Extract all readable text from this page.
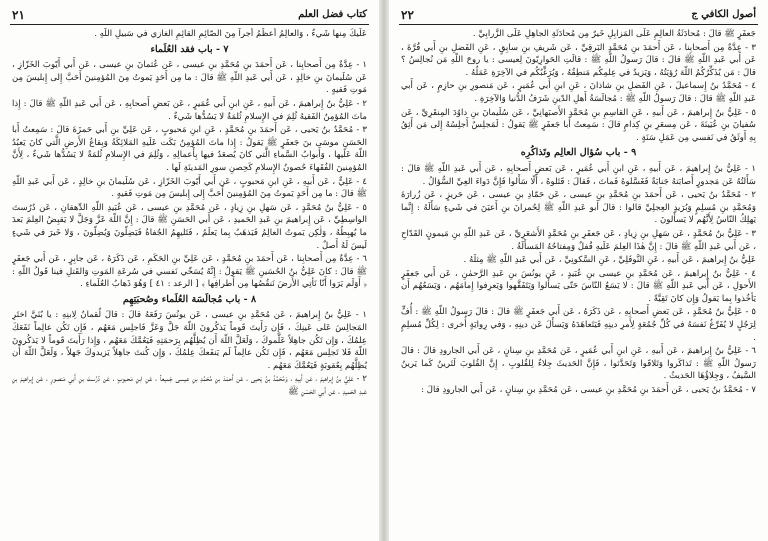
كتاب فضل العلم
٢١

عَلَيكَ مِنها شَيءٌ ، وَالعالِمُ أَعظَمُ أَجراً مِنَ الصّائِمِ القائِمِ الغازي في سَبيلِ اللّهِ .

٧ - باب فقد العُلَماء

١ - عِدَّةٌ مِن أَصحابِنا ، عَن أَحمَدَ بنِ مُحَمَّدِ بنِ عيسى ، عَن عُثمانَ بنِ عيسى ، عَن أَبي أَيّوبَ الخَزّازِ ، عَن سُلَيمانَ بنِ خالِدٍ ، عَن أَبي عَبدِ اللّهِ ﷺ قالَ : ما مِن أَحَدٍ يَموتُ مِنَ المُؤمِنينَ أَحَبَّ إِلى إِبليسَ مِن مَوتِ فَقيهٍ .

٢ - عَلِيُّ بنُ إِبراهيمَ ، عَن أَبيهِ ، عَنِ ابنِ أَبي عُمَيرٍ ، عَن بَعضِ أَصحابِهِ ، عَن أَبي عَبدِ اللّهِ ﷺ قالَ : إِذا ماتَ المُؤمِنُ الفَقيهُ ثُلِمَ في الإِسلامِ ثُلمَةٌ لا يَسُدُّها شَيءٌ .

٣ - مُحَمَّدُ بنُ يَحيى ، عَن أَحمَدَ بنِ مُحَمَّدٍ ، عَنِ ابنِ مَحبوبٍ ، عَن عَلِيِّ بنِ أَبي حَمزَةَ قالَ : سَمِعتُ أَبا الحَسَنِ موسَى بنَ جَعفَرٍ ﷺ يَقولُ : إِذا ماتَ المُؤمِنُ بَكَت عَلَيهِ المَلائِكَةُ وَبِقاعُ الأَرضِ الَّتي كانَ يَعبُدُ اللّهَ عَلَيها ، وَأَبوابُ السَّماءِ الَّتي كانَ يُصعَدُ فيها بِأَعمالِهِ ، وَثُلِمَ في الإِسلامِ ثُلمَةٌ لا يَسُدُّها شَيءٌ ، لِأَنَّ المُؤمِنينَ الفُقَهاءَ حُصونُ الإِسلامِ كَحِصنِ سورِ المَدينَةِ لَها .

٤ - عَلِيٌّ ، عَن أَبيهِ ، عَنِ ابنِ مَحبوبٍ ، عَن أَبي أَيّوبَ الخَزّازِ ، عَن سُلَيمانَ بنِ خالِدٍ ، عَن أَبي عَبدِ اللّهِ ﷺ قالَ : ما مِن أَحَدٍ يَموتُ مِنَ المُؤمِنينَ أَحَبَّ إِلى إِبليسَ مِن مَوتِ فَقيهٍ .

٥ - عَلِيُّ بنُ مُحَمَّدٍ ، عَن سَهلِ بنِ زِيادٍ ، عَن مُحَمَّدِ بنِ عيسى ، عَن عُبَيدِ اللّهِ الدِّهقانِ ، عَن دُرُستَ الواسِطِيِّ ، عَن إِبراهيمَ بنِ عَبدِ الحَميدِ ، عَن أَبي الحَسَنِ ﷺ قالَ : إِنَّ اللّهَ عَزَّ وَجَلَّ لا يَقبِضُ العِلمَ بَعدَ ما يُهبِطُهُ ، وَلٰكِن يَموتُ العالِمُ فَيَذهَبُ بِما يَعلَمُ ، فَتَليهِمُ الجُفاةُ فَيَضِلّونَ وَيُضِلّونَ ، وَلا خَيرَ في شَيءٍ لَيسَ لَهُ أَصلٌ .

٦ - عِدَّةٌ مِن أَصحابِنا ، عَن أَحمَدَ بنِ مُحَمَّدٍ ، عَن عَلِيِّ بنِ الحَكَمِ ، عَن ذَكَرَهُ ، عَن جابِرٍ ، عَن أَبي جَعفَرٍ ﷺ قالَ : كانَ عَلِيُّ بنُ الحُسَينِ ﷺ يَقولُ : إِنَّهُ يُسَخّي نَفسي في سُرعَةِ المَوتِ وَالقَتلِ فينا قَولُ اللّهِ : ﴿ أَوَلَم يَرَوا أَنّا نَأتِي الأَرضَ نَنقُصُها مِن أَطرافِها ﴾ [ الرعد : ٤١ ] وَهُوَ ذَهابُ العُلَماءِ .

٨ - باب مُجالَسَة العُلَماء وصُحبَتِهِم

١ - عَلِيُّ بنُ إِبراهيمَ ، عَن مُحَمَّدِ بنِ عيسى ، عَن يونُسَ رَفَعَهُ قالَ : قالَ لُقمانُ لِابنِهِ : يا بُنَيَّ اختَرِ المَجالِسَ عَلى عَينِكَ ، فَإِن رَأَيتَ قَوماً يَذكُرونَ اللّهَ جَلَّ وَعَزَّ فَاجلِس مَعَهُم ، فَإِن تَكُن عالِماً نَفَعَكَ عِلمُكَ ، وَإِن تَكُن جاهِلاً عَلَّموكَ ، وَلَعَلَّ اللّهَ أَن يُظِلَّهُم بِرَحمَتِهِ فَيَعُمَّكَ مَعَهُم ، وَإِذا رَأَيتَ قَوماً لا يَذكُرونَ اللّهَ فَلا تَجلِس مَعَهُم ، فَإِن تَكُن عالِماً لَم يَنفَعكَ عِلمُكَ ، وَإِن كُنتَ جاهِلاً يَزيدوكَ جَهلاً ، وَلَعَلَّ اللّهَ أَن يُظِلَّهُم بِعُقوبَةٍ فَيَعُمَّكَ مَعَهُم .

٢ - عَلِيُّ بنُ إِبراهيمَ ، عَن أَبيهِ ، وَمُحَمَّدُ بنُ يَحيى ، عَن أَحمَدَ بنِ مُحَمَّدِ بنِ عيسى جَميعاً ، عَنِ ابنِ مَحبوبٍ ، عَن دُرُستَ بنِ أَبي مَنصورٍ ، عَن إِبراهيمَ بنِ عَبدِ الحَميدِ ، عَن أَبي الحَسَنِ ﷺ

٢٢	أصول الكافي ج

جَعفَرٍ ﷺ قالَ : مُحادَثَةُ العالِمِ عَلَى المَزابِلِ خَيرٌ مِن مُحادَثَةِ الجاهِلِ عَلَى الزَّرابِيِّ .

٣ - عِدَّةٌ مِن أَصحابِنا ، عَن أَحمَدَ بنِ مُحَمَّدٍ البَرقِيِّ ، عَن شَريفِ بنِ سابِقٍ ، عَنِ الفَضلِ بنِ أَبي قُرَّةَ ، عَن أَبي عَبدِ اللّهِ ﷺ قالَ : قالَ رَسولُ اللّهِ ﷺ : قالَتِ الحَوارِيّونَ لِعيسى : يا روحَ اللّهِ مَن نُجالِسُ ؟ قالَ : مَن يُذَكِّرُكُمُ اللّهَ رُؤيَتُهُ ، وَيَزيدُ في عِلمِكُم مَنطِقُهُ ، وَيُرَغِّبُكُم في الآخِرَةِ عَمَلُهُ .

٤ - مُحَمَّدُ بنُ إِسماعيلَ ، عَنِ الفَضلِ بنِ شاذانَ ، عَنِ ابنِ أَبي عُمَيرٍ ، عَن مَنصورِ بنِ حازِمٍ ، عَن أَبي عَبدِ اللّهِ ﷺ قالَ : قالَ رَسولُ اللّهِ ﷺ : مُجالَسَةُ أَهلِ الدّينِ شَرَفُ الدُّنيا وَالآخِرَةِ .

٥ - عَلِيُّ بنُ إِبراهيمَ ، عَن أَبيهِ ، عَنِ القاسِمِ بنِ مُحَمَّدٍ الأَصبَهانِيِّ ، عَن سُلَيمانَ بنِ داوُدَ المِنقَرِيِّ ، عَن سُفيانَ بنِ عُيَينَةَ ، عَن مِسعَرِ بنِ كِدامٍ قالَ : سَمِعتُ أَبا جَعفَرٍ ﷺ يَقولُ : لَمَجلِسٌ أَجلِسُهُ إِلى مَن أَثِقُ بِهِ أَوثَقُ في نَفسي مِن عَمَلِ سَنَةٍ .

٩ - باب سُؤال العالِم وتَذاكُرِه

١ - عَلِيُّ بنُ إِبراهيمَ ، عَن أَبيهِ ، عَنِ ابنِ أَبي عُمَيرٍ ، عَن بَعضِ أَصحابِهِ ، عَن أَبي عَبدِ اللّهِ ﷺ قالَ : سَأَلتُهُ عَن مَجدورٍ أَصابَتهُ جَنابَةٌ فَغَسَّلوهُ فَماتَ ، فَقالَ : قَتَلوهُ ، أَلّا سَأَلوا فَإِنَّ دَواءَ العِيِّ السُّؤالُ .

٢ - مُحَمَّدُ بنُ يَحيى ، عَن أَحمَدَ بنِ مُحَمَّدِ بنِ عيسى ، عَن حَمّادِ بنِ عيسى ، عَن حَريزٍ ، عَن زُرارَةَ وَمُحَمَّدِ بنِ مُسلِمٍ وَبُرَيدٍ العِجلِيِّ قالوا : قالَ أَبو عَبدِ اللّهِ ﷺ لِحُمرانَ بنِ أَعيَنَ في شَيءٍ سَأَلَهُ : إِنَّما يَهلِكُ النّاسُ لِأَنَّهُم لا يَسأَلونَ .

٣ - عَلِيُّ بنُ مُحَمَّدٍ ، عَن سَهلِ بنِ زِيادٍ ، عَن جَعفَرِ بنِ مُحَمَّدٍ الأَشعَرِيِّ ، عَن عَبدِ اللّهِ بنِ مَيمونٍ القَدّاحِ ، عَن أَبي عَبدِ اللّهِ ﷺ قالَ : إِنَّ هٰذَا العِلمَ عَلَيهِ قُفلٌ وَمِفتاحُهُ المَسأَلَةُ .

عَلِيُّ بنُ إِبراهيمَ ، عَن أَبيهِ ، عَنِ النَّوفَلِيِّ ، عَنِ السَّكونِيِّ ، عَن أَبي عَبدِ اللّهِ ﷺ مِثلَهُ .

٤ - عَلِيُّ بنُ إِبراهيمَ ، عَن مُحَمَّدِ بنِ عيسى بنِ عُبَيدٍ ، عَن يونُسَ بنِ عَبدِ الرَّحمٰنِ ، عَن أَبي جَعفَرٍ الأَحوَلِ ، عَن أَبي عَبدِ اللّهِ ﷺ قالَ : لا يَسَعُ النّاسَ حَتّى يَسأَلوا وَيَتَفَقَّهوا وَيَعرِفوا إِمامَهُم ، وَيَسَعُهُم أَن يَأخُذوا بِما يَقولُ وَإِن كانَ تَقِيَّةً .

٥ - عَلِيُّ بنُ مُحَمَّدٍ ، عَن بَعضِ أَصحابِهِ ، عَن ذَكَرَهُ ، عَن أَبي جَعفَرٍ ﷺ قالَ : قالَ رَسولُ اللّهِ ﷺ : أُفٍّ لِرَجُلٍ لا يُفَرِّغُ نَفسَهُ في كُلِّ جُمُعَةٍ لِأَمرِ دينِهِ فَيَتَعاهَدَهُ وَيَسأَلَ عَن دينِهِ ، وَفي رِوايَةٍ أُخرى : لِكُلِّ مُسلِمٍ .

٦ - عَلِيُّ بنُ إِبراهيمَ ، عَن أَبيهِ ، عَنِ ابنِ أَبي عُمَيرٍ ، عَن مُحَمَّدِ بنِ سِنانٍ ، عَن أَبي الجارودِ قالَ : قالَ رَسولُ اللّهِ ﷺ : تَذاكَروا وَتَلاقَوا وَتَحَدَّثوا ، فَإِنَّ الحَديثَ جِلاءٌ لِلقُلوبِ ، إِنَّ القُلوبَ لَتَرينُ كَما يَرينُ السَّيفُ ، وَجِلاؤُهَا الحَديثُ .

٧ - مُحَمَّدُ بنُ يَحيى ، عَن أَحمَدَ بنِ مُحَمَّدِ بنِ عيسى ، عَن مُحَمَّدِ بنِ سِنانٍ ، عَن أَبي الجارودِ قالَ :
